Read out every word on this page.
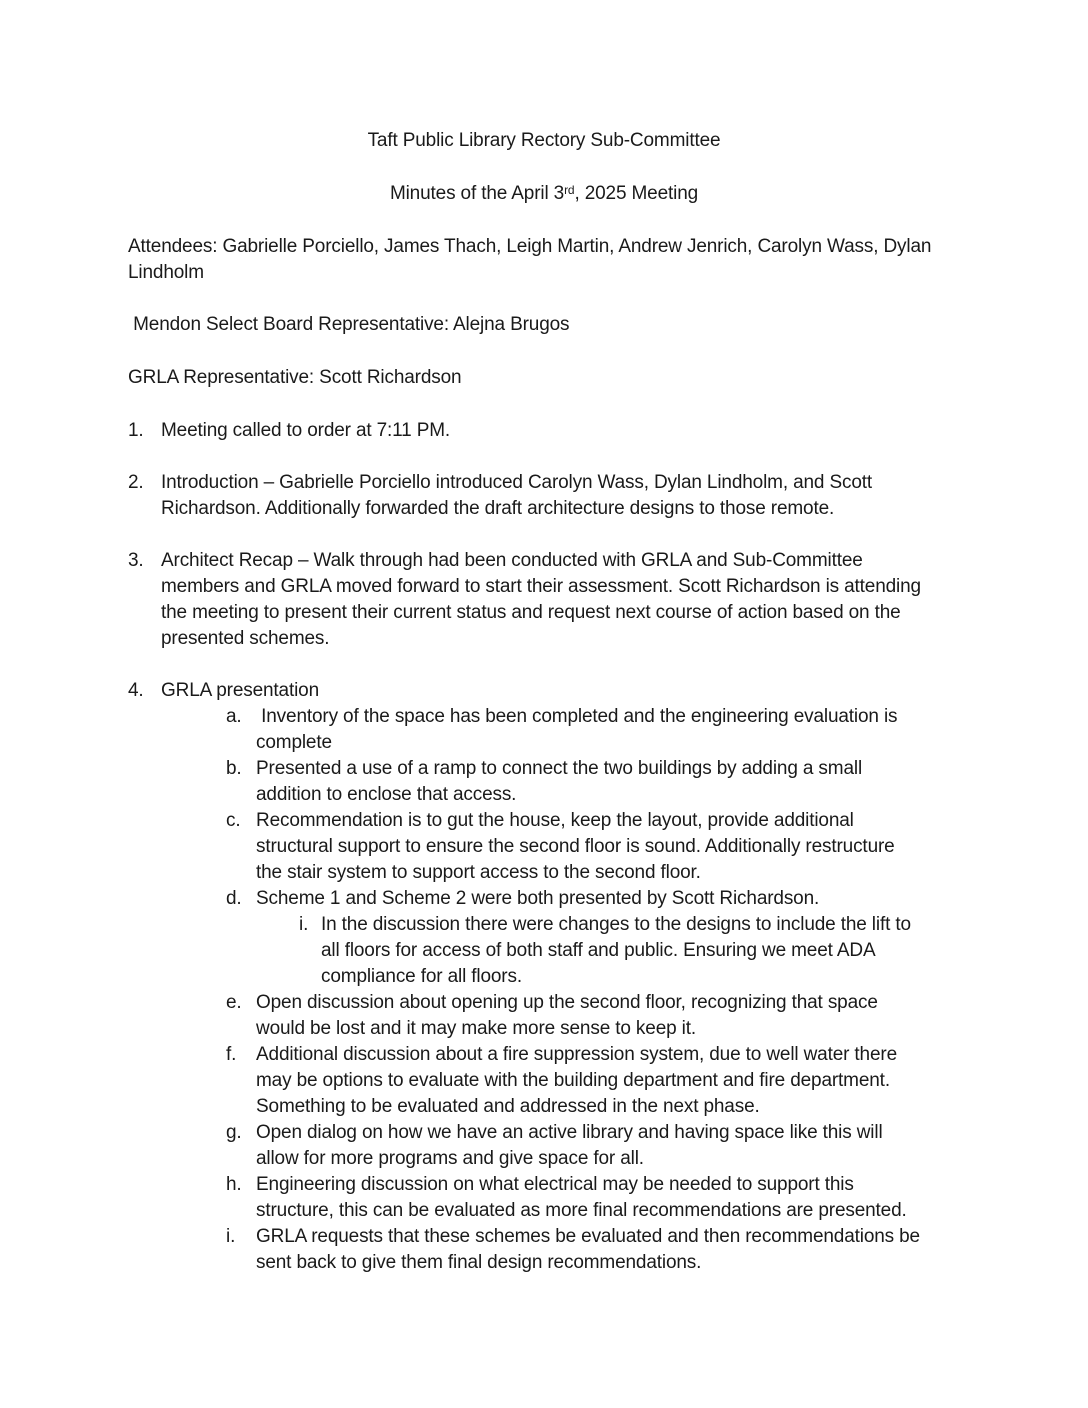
Taft Public Library Rectory Sub-Committee
Minutes of the April 3rd, 2025 Meeting
Attendees: Gabrielle Porciello, James Thach, Leigh Martin, Andrew Jenrich, Carolyn Wass, Dylan
Lindholm
Mendon Select Board Representative: Alejna Brugos
GRLA Representative: Scott Richardson
1. Meeting called to order at 7:11 PM.
2. Introduction – Gabrielle Porciello introduced Carolyn Wass, Dylan Lindholm, and Scott
Richardson. Additionally forwarded the draft architecture designs to those remote.
3. Architect Recap – Walk through had been conducted with GRLA and Sub-Committee
members and GRLA moved forward to start their assessment. Scott Richardson is attending
the meeting to present their current status and request next course of action based on the
presented schemes.
4. GRLA presentation
a. Inventory of the space has been completed and the engineering evaluation is
complete
b. Presented a use of a ramp to connect the two buildings by adding a small
addition to enclose that access.
c. Recommendation is to gut the house, keep the layout, provide additional
structural support to ensure the second floor is sound. Additionally restructure
the stair system to support access to the second floor.
d. Scheme 1 and Scheme 2 were both presented by Scott Richardson.
i. In the discussion there were changes to the designs to include the lift to
all floors for access of both staff and public. Ensuring we meet ADA
compliance for all floors.
e. Open discussion about opening up the second floor, recognizing that space
would be lost and it may make more sense to keep it.
f. Additional discussion about a fire suppression system, due to well water there
may be options to evaluate with the building department and fire department.
Something to be evaluated and addressed in the next phase.
g. Open dialog on how we have an active library and having space like this will
allow for more programs and give space for all.
h. Engineering discussion on what electrical may be needed to support this
structure, this can be evaluated as more final recommendations are presented.
i. GRLA requests that these schemes be evaluated and then recommendations be
sent back to give them final design recommendations.
